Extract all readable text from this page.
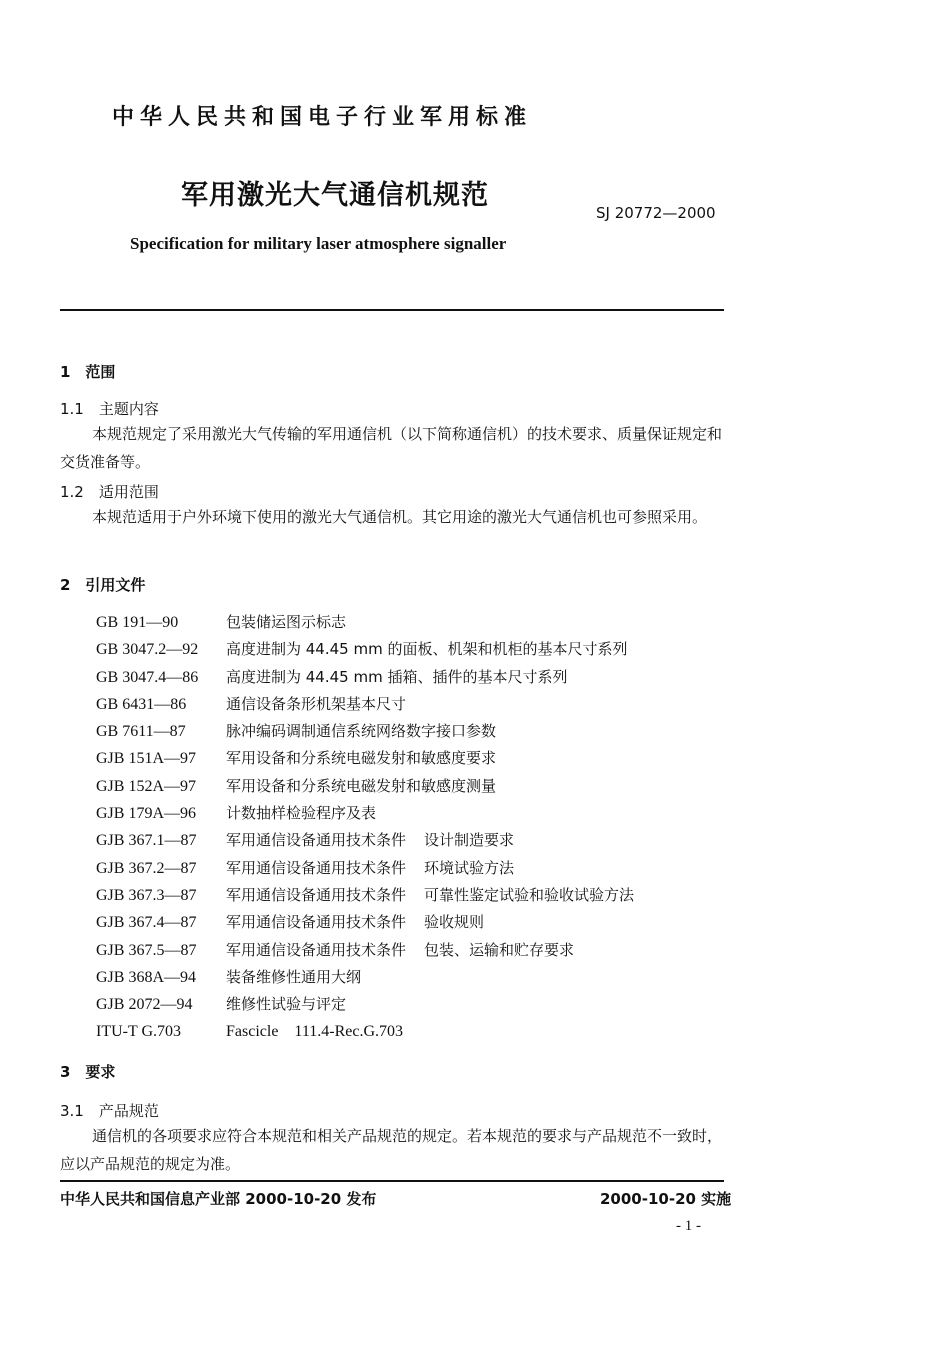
中华人民共和国电子行业军用标准
军用激光大气通信机规范
SJ 20772—2000
Specification for military laser atmosphere signaller
1　范围
1.1　主题内容
本规范规定了采用激光大气传输的军用通信机（以下简称通信机）的技术要求、质量保证规定和交货准备等。
1.2　适用范围
本规范适用于户外环境下使用的激光大气通信机。其它用途的激光大气通信机也可参照采用。
2　引用文件
GB 191—90	包装储运图示标志
GB 3047.2—92	高度进制为 44.45 mm 的面板、机架和机柜的基本尺寸系列
GB 3047.4—86	高度进制为 44.45 mm 插箱、插件的基本尺寸系列
GB 6431—86	通信设备条形机架基本尺寸
GB 7611—87	脉冲编码调制通信系统网络数字接口参数
GJB 151A—97	军用设备和分系统电磁发射和敏感度要求
GJB 152A—97	军用设备和分系统电磁发射和敏感度测量
GJB 179A—96	计数抽样检验程序及表
GJB 367.1—87	军用通信设备通用技术条件 设计制造要求
GJB 367.2—87	军用通信设备通用技术条件 环境试验方法
GJB 367.3—87	军用通信设备通用技术条件 可靠性鉴定试验和验收试验方法
GJB 367.4—87	军用通信设备通用技术条件 验收规则
GJB 367.5—87	军用通信设备通用技术条件 包装、运输和贮存要求
GJB 368A—94	装备维修性通用大纲
GJB 2072—94	维修性试验与评定
ITU-T G.703	Fascicle　111.4-Rec.G.703
3　要求
3.1　产品规范
通信机的各项要求应符合本规范和相关产品规范的规定。若本规范的要求与产品规范不一致时，应以产品规范的规定为准。
中华人民共和国信息产业部 2000-10-20 发布	2000-10-20 实施
- 1 -
